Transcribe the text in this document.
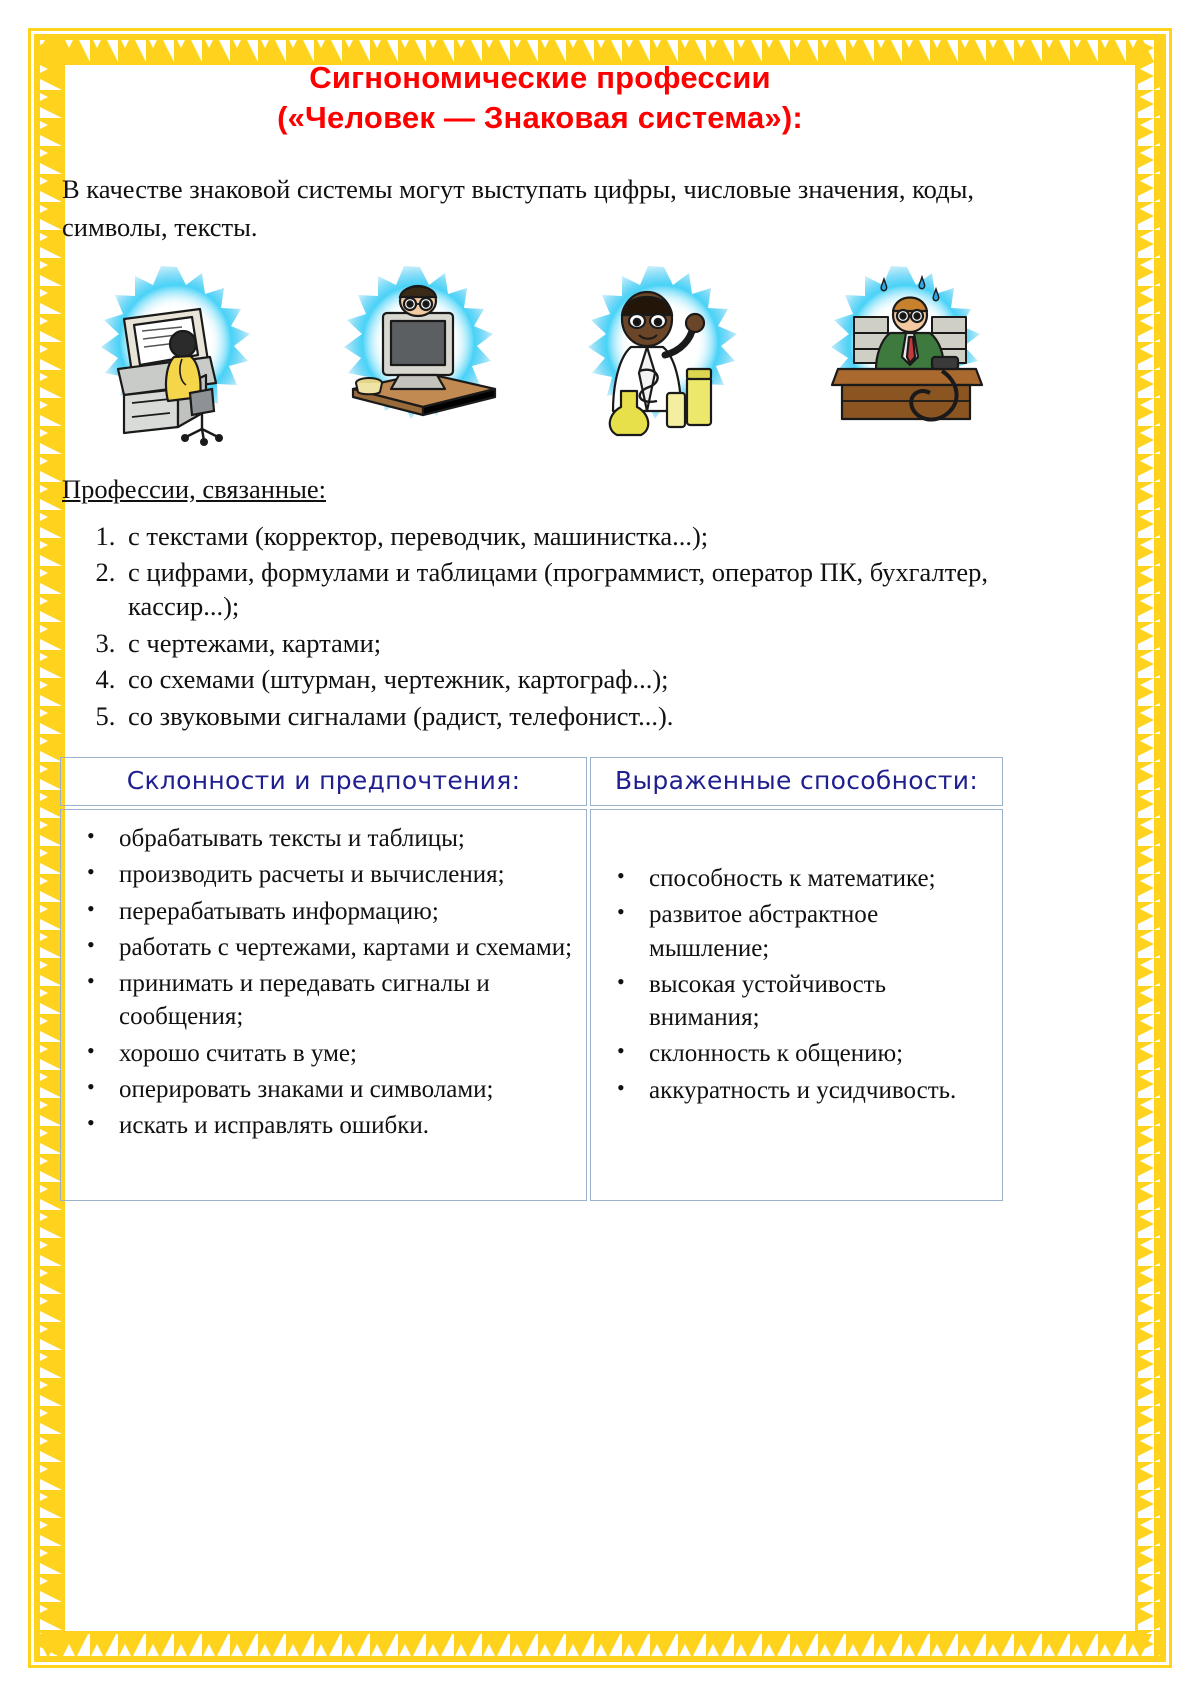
Сигнономические профессии
(«Человек — Знаковая система»):

В качестве знаковой системы могут выступать цифры, числовые значения, коды, символы, тексты.

Профессии, связанные:
1. с текстами (корректор, переводчик, машинистка...);
2. с цифрами, формулами и таблицами (программист, оператор ПК, бухгалтер, кассир...);
3. с чертежами, картами;
4. со схемами (штурман, чертежник, картограф...);
5. со звуковыми сигналами (радист, телефонист...).
Склонности и предпочтения:	Выраженные способности:
• обрабатывать тексты и таблицы;
• производить расчеты и вычисления;
• перерабатывать информацию;
• работать с чертежами, картами и схемами;
• принимать и передавать сигналы и сообщения;
• хорошо считать в уме;
• оперировать знаками и символами;
• искать и исправлять ошибки.
• способность к математике;
• развитое абстрактное мышление;
• высокая устойчивость внимания;
• склонность к общению;
• аккуратность и усидчивость.
